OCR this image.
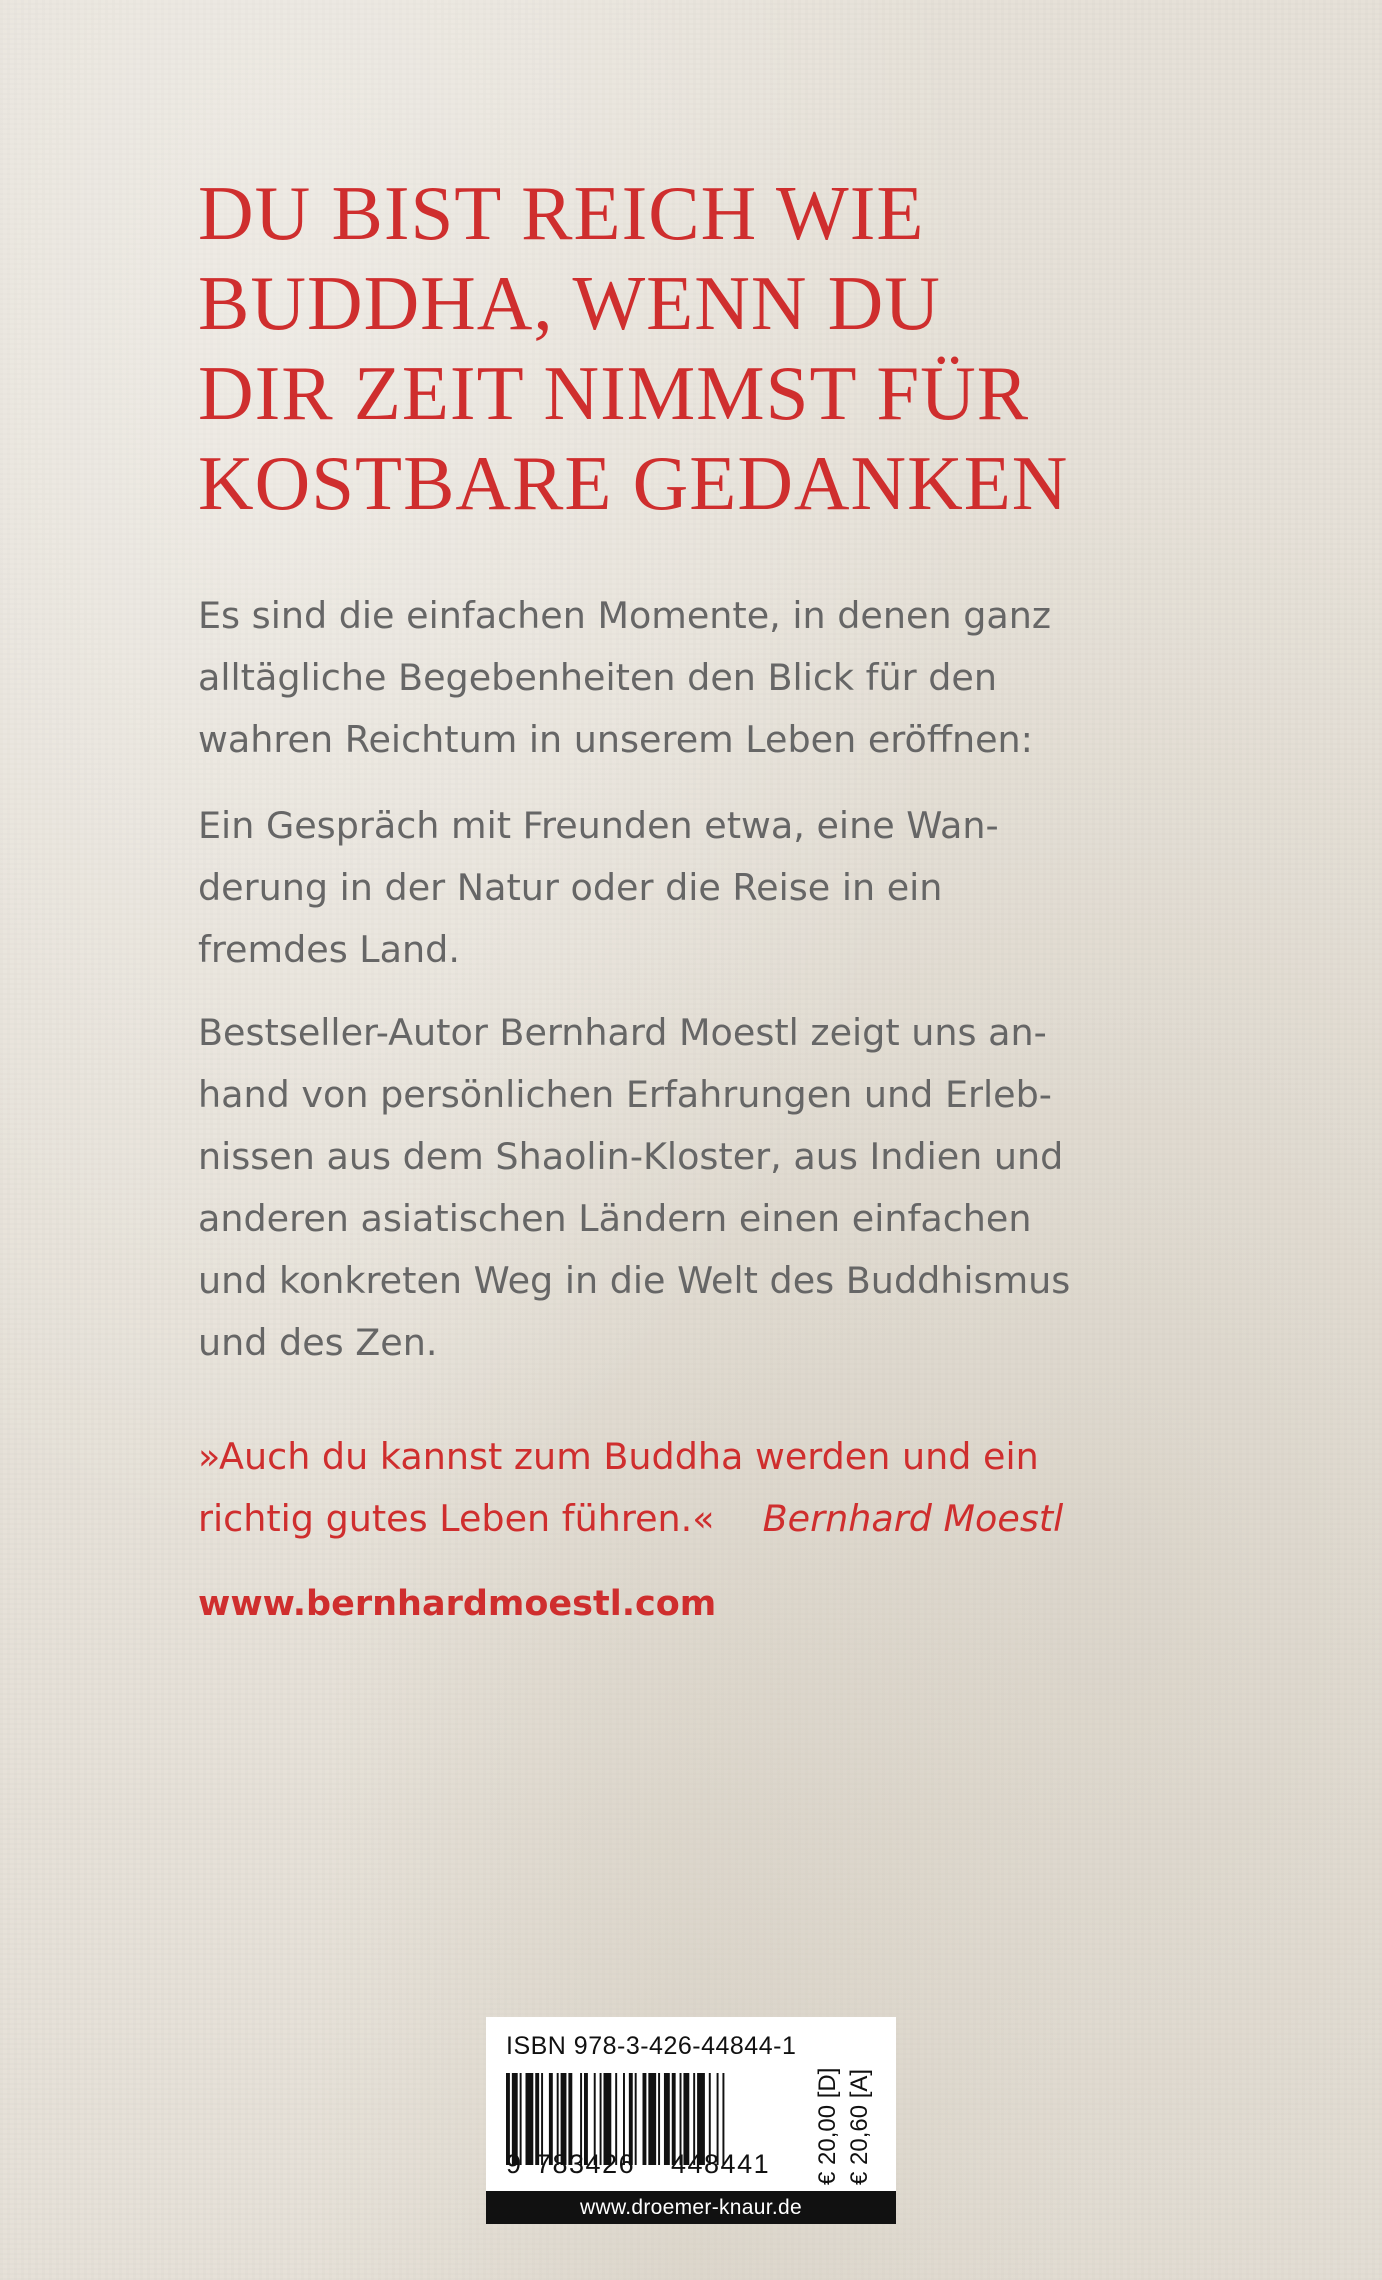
DU BIST REICH WIE
BUDDHA, WENN DU
DIR ZEIT NIMMST FÜR
KOSTBARE GEDANKEN

Es sind die einfachen Momente, in denen ganz
alltägliche Begebenheiten den Blick für den
wahren Reichtum in unserem Leben eröffnen:

Ein Gespräch mit Freunden etwa, eine Wan-
derung in der Natur oder die Reise in ein
fremdes Land.

Bestseller-Autor Bernhard Moestl zeigt uns an-
hand von persönlichen Erfahrungen und Erleb-
nissen aus dem Shaolin-Kloster, aus Indien und
anderen asiatischen Ländern einen einfachen
und konkreten Weg in die Welt des Buddhismus
und des Zen.

»Auch du kannst zum Buddha werden und ein
richtig gutes Leben führen.« Bernhard Moestl

www.bernhardmoestl.com

ISBN 978-3-426-44844-1
9 783426 448441 € 20,00 [D] € 20,60 [A]
www.droemer-knaur.de
